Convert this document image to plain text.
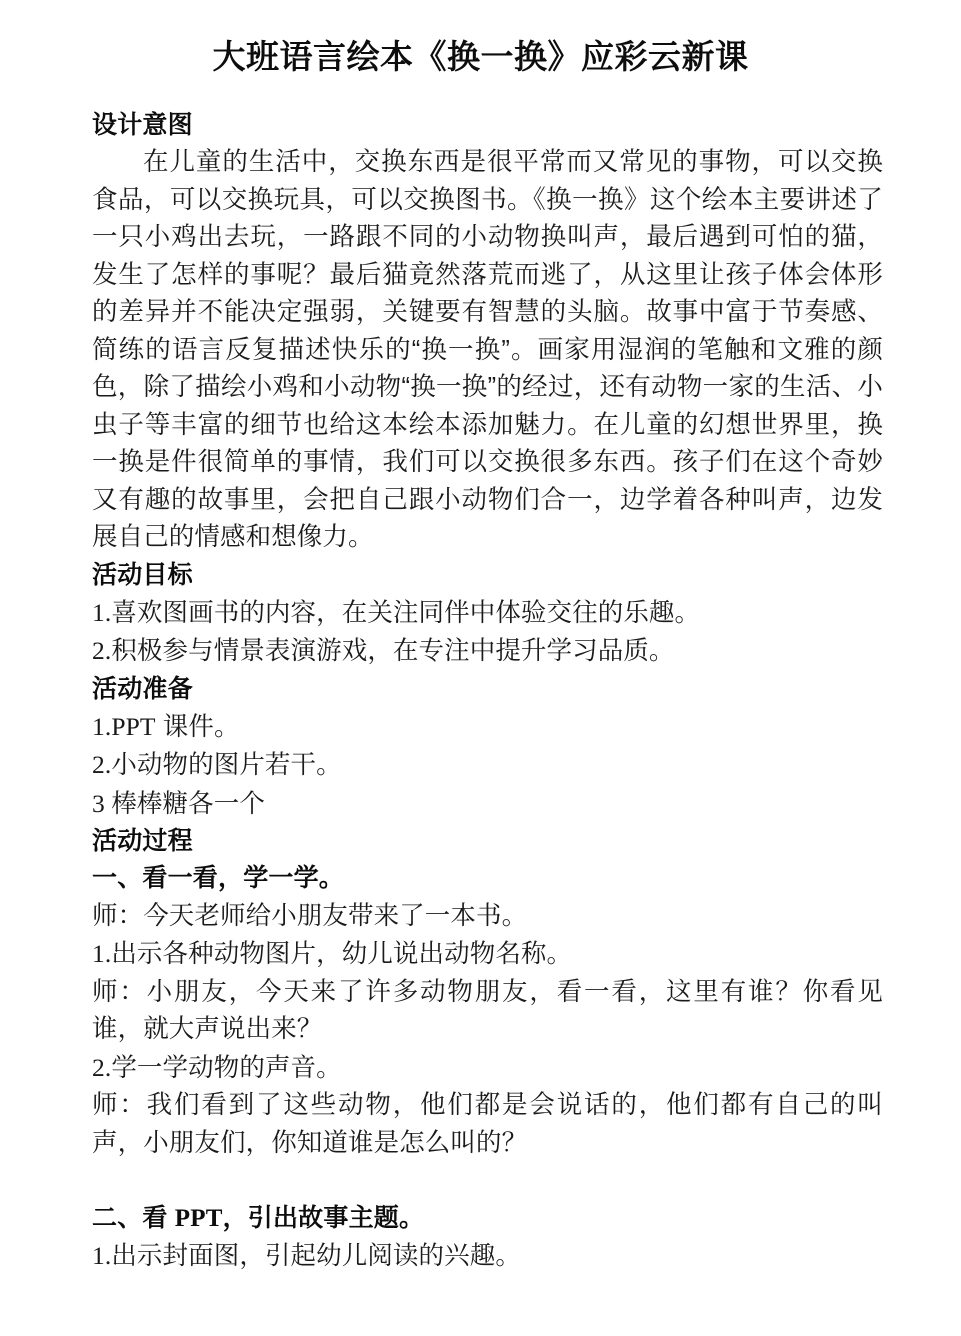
大班语言绘本《换一换》应彩云新课
设计意图

在儿童的生活中，交换东西是很平常而又常见的事物，可以交换食品，可以交换玩具，可以交换图书。《换一换》这个绘本主要讲述了一只小鸡出去玩，一路跟不同的小动物换叫声，最后遇到可怕的猫，发生了怎样的事呢？最后猫竟然落荒而逃了，从这里让孩子体会体形的差异并不能决定强弱，关键要有智慧的头脑。故事中富于节奏感、简练的语言反复描述快乐的“换一换”。画家用湿润的笔触和文雅的颜色，除了描绘小鸡和小动物“换一换”的经过，还有动物一家的生活、小虫子等丰富的细节也给这本绘本添加魅力。在儿童的幻想世界里，换一换是件很简单的事情，我们可以交换很多东西。孩子们在这个奇妙又有趣的故事里，会把自己跟小动物们合一，边学着各种叫声，边发展自己的情感和想像力。

活动目标
1.喜欢图画书的内容，在关注同伴中体验交往的乐趣。
2.积极参与情景表演游戏，在专注中提升学习品质。
活动准备
1.PPT 课件。
2.小动物的图片若干。
3 棒棒糖各一个
活动过程
一、看一看，学一学。
师：今天老师给小朋友带来了一本书。
1.出示各种动物图片，幼儿说出动物名称。

师：小朋友，今天来了许多动物朋友，看一看，这里有谁？你看见谁，就大声说出来？

2.学一学动物的声音。

师：我们看到了这些动物，他们都是会说话的，他们都有自己的叫声，小朋友们，你知道谁是怎么叫的？

二、看 PPT，引出故事主题。
1.出示封面图，引起幼儿阅读的兴趣。
